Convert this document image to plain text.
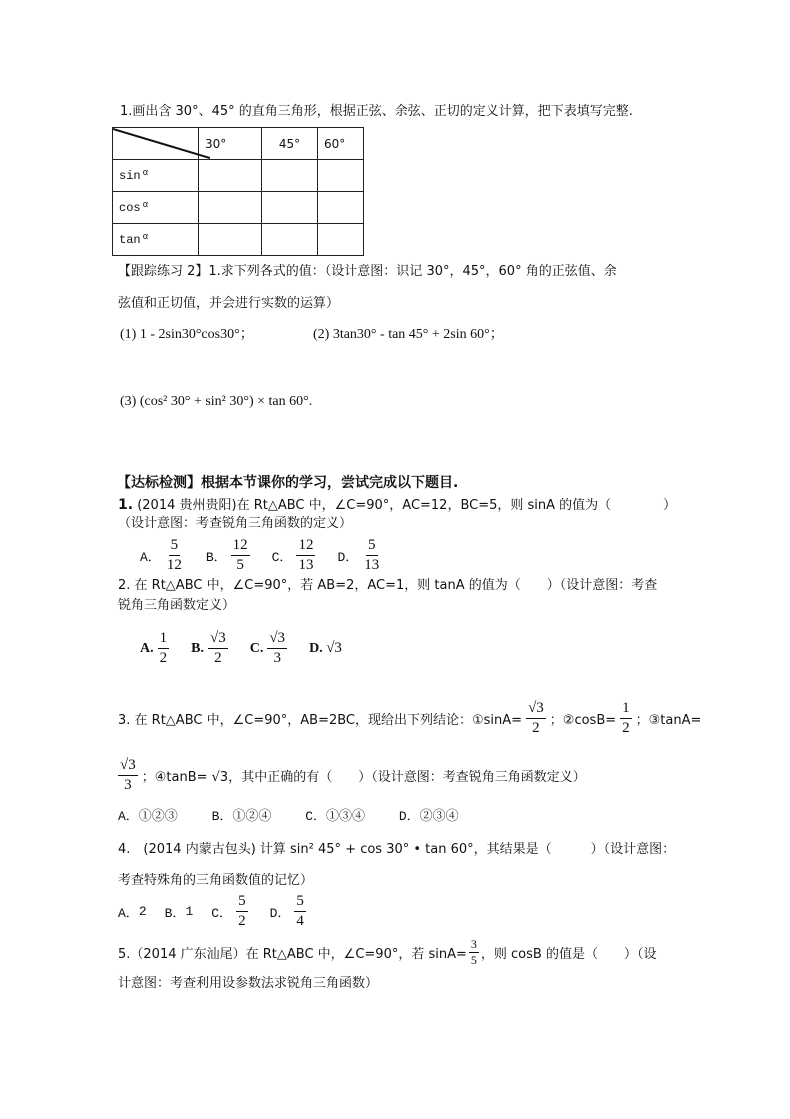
1.画出含 30°、45° 的直角三角形，根据正弦、余弦、正切的定义计算，把下表填写完整.
	30°	45°	60°
sin $^\alpha$			
cos $^\alpha$			
tan $^\alpha$			
【跟踪练习 2】1.求下列各式的值：（设计意图：识记 30°，45°，60° 角的正弦值、余
弦值和正切值，并会进行实数的运算）
(1) 1 - 2sin30°cos30°；	(2) 3tan30° - tan 45° + 2sin 60°；
(3) (cos² 30° + sin² 30°) × tan 60°.
【达标检测】根据本节课你的学习，尝试完成以下题目.
1. (2014 贵州贵阳)在 Rt△ABC 中，∠C=90°，AC=12，BC=5，则 sinA 的值为（　　　　）
（设计意图：考查锐角三角函数的定义）
A． $\frac{5}{12}$ B． $\frac{12}{5}$ C． $\frac{12}{13}$ D． $\frac{5}{13}$
2. 在 Rt△ABC 中，∠C=90°，若 AB=2，AC=1，则 tanA 的值为（　　）（设计意图：考查
锐角三角函数定义）
A. $\frac{1}{2} B$. $\frac{√3}{2} C$. $\frac{√3}{3} D$.
√3
3. 在 Rt△ABC 中，∠C=90°，AB=2BC，现给出下列结论：①sinA= $\frac{√3}{2}$ ；②cosB= $\frac{1}{2}$ ；③tanA=
$\frac{√3}{3}$ ；④tanB= √3，其中正确的有（　　）（设计意图：考查锐角三角函数定义）
A．①②③	B．①②④	C．①③④	D．②③④
4.　(2014 内蒙古包头) 计算 sin² 45° + cos 30° • tan 60°，其结果是（　　　）（设计意图：
考查特殊角的三角函数值的记忆）
A． 2 B． 1 C． $\frac{5}{2}$ D． $\frac{5}{4}$
5.（2014 广东汕尾）在 Rt△ABC 中，∠C=90°，若 $\sin A= \frac{3}{5}$ ，则 cosB 的值是（　　）（设
计意图：考查利用设参数法求锐角三角函数）
